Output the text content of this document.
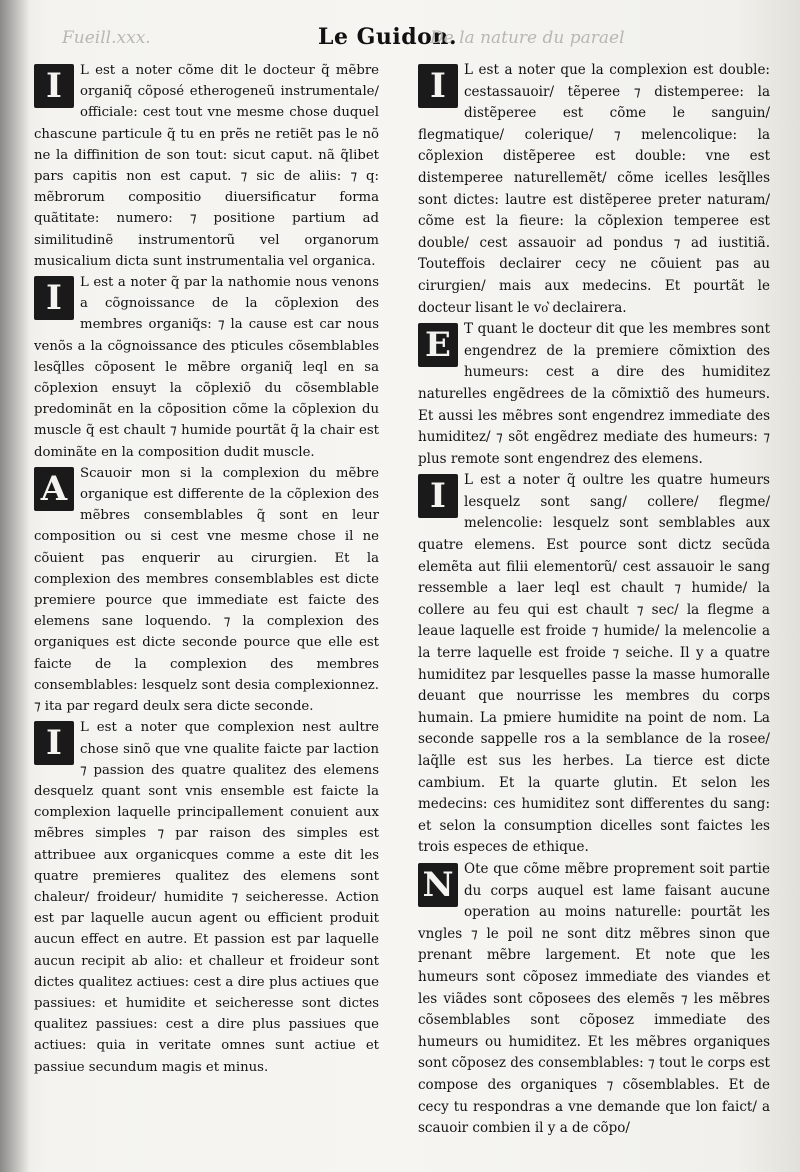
Fueill.xxx.	Le Guidon.
De la nature du parael

I	L est a noter cõme dit le docteur q̃ mẽbre organiq̃ cõposé etherogeneũ instrumentale/ officiale: cest tout vne mesme chose duquel chascune particule q̃ tu en prẽs ne retiẽt pas le nõ ne la diffinition de son tout: sicut caput. nã q̃libet pars capitis non est caput. ⁊ sic de aliis: ⁊ q: mẽbrorum compositio diuersificatur forma quãtitate: numero: ⁊ positione partium ad similitudinẽ instrumentorũ vel organorum musicalium dicta sunt instrumentalia vel organica.

I	L est a noter q̃ par la nathomie nous venons a cõgnoissance de la cõplexion des membres organiq̃s: ⁊ la cause est car nous venõs a la cõgnoissance des pticules cõsemblables lesq̃lles cõposent le mẽbre organiq̃ leql en sa cõplexion ensuyt la cõplexiõ du cõsemblable predominãt en la cõposition cõme la cõplexion du muscle q̃ est chault ⁊ humide pourtãt q̃ la chair est dominãte en la composition dudit muscle.

A Scauoir mon si la complexion du mẽbre organique est differente de la cõplexion des mẽbres consemblables q̃ sont en leur composition ou si cest vne mesme chose il ne cõuient pas enquerir au cirurgien. Et la complexion des membres consemblables est dicte premiere pource que immediate est faicte des elemens sane loquendo. ⁊ la complexion des organiques est dicte seconde pource que elle est faicte de la complexion des membres consemblables: lesquelz sont desia complexionnez. ⁊ ita par regard deulx sera dicte seconde.

I	L est a noter que complexion nest aultre chose sinõ que vne qualite faicte par laction ⁊ passion des quatre qualitez des elemens desquelz quant sont vnis ensemble est faicte la complexion laquelle principallement conuient aux mẽbres simples ⁊ par raison des simples est attribuee aux organicques comme a este dit les quatre premieres qualitez des elemens sont chaleur/ froideur/ humidite ⁊ seicheresse. Action est par laquelle aucun agent ou efficient produit aucun effect en autre. Et passion est par laquelle aucun recipit ab alio: et challeur et froideur sont dictes qualitez actiues: cest a dire plus actiues que passiues: et humidite et seicheresse sont dictes qualitez passiues: cest a dire plus passiues que actiues: quia in veritate omnes sunt actiue et passiue secundum magis et minus.

I	L est a noter que la complexion est double: cestassauoir/ tẽperee ⁊ distemperee: la distẽperee est cõme le sanguin/ flegmatique/ colerique/ ⁊ melencolique: la cõplexion distẽperee est double: vne est distemperee naturellemẽt/ cõme icelles lesq̃lles sont dictes: lautre est distẽperee preter naturam/ cõme est la fieure: la cõplexion temperee est double/ cest assauoir ad pondus ⁊ ad iustitiã. Touteffois declairer cecy ne cõuient pas au cirurgien/ mais aux medecins. Et pourtãt le docteur lisant le vo͛ declairera.

E T quant le docteur dit que les membres sont engendrez de la premiere cõmixtion des humeurs: cest a dire des humiditez naturelles engẽdrees de la cõmixtiõ des humeurs. Et aussi les mẽbres sont engendrez immediate des humiditez/ ⁊ sõt engẽdrez mediate des humeurs: ⁊ plus remote sont engendrez des elemens.

I	L est a noter q̃ oultre les quatre humeurs lesquelz sont sang/ collere/ flegme/ melencolie: lesquelz sont semblables aux quatre elemens. Est pource sont dictz secũda elemẽta aut filii elementorũ/ cest assauoir le sang ressemble a laer leql est chault ⁊ humide/ la collere au feu qui est chault ⁊ sec/ la flegme a leaue laquelle est froide ⁊ humide/ la melencolie a la terre laquelle est froide ⁊ seiche. Il y a quatre humiditez par lesquelles passe la masse humoralle deuant que nourrisse les membres du corps humain. La pmiere humidite na point de nom. La seconde sappelle ros a la semblance de la rosee/ laq̃lle est sus les herbes. La tierce est dicte cambium. Et la quarte glutin. Et selon les medecins: ces humiditez sont differentes du sang: et selon la consumption dicelles sont faictes les trois especes de ethique.

N Ote que cõme mẽbre proprement soit partie du corps auquel est lame faisant aucune operation au moins naturelle: pourtãt les vngles ⁊ le poil ne sont ditz mẽbres sinon que prenant mẽbre largement. Et note que les humeurs sont cõposez immediate des viandes et les viãdes sont cõposees des elemẽs ⁊ les mẽbres cõsemblables sont cõposez immediate des humeurs ou humiditez. Et les mẽbres organiques sont cõposez des consemblables: ⁊ tout le corps est compose des organiques ⁊ cõsemblables. Et de cecy tu respondras a vne demande que lon faict/ a scauoir combien il y a de cõpo/
